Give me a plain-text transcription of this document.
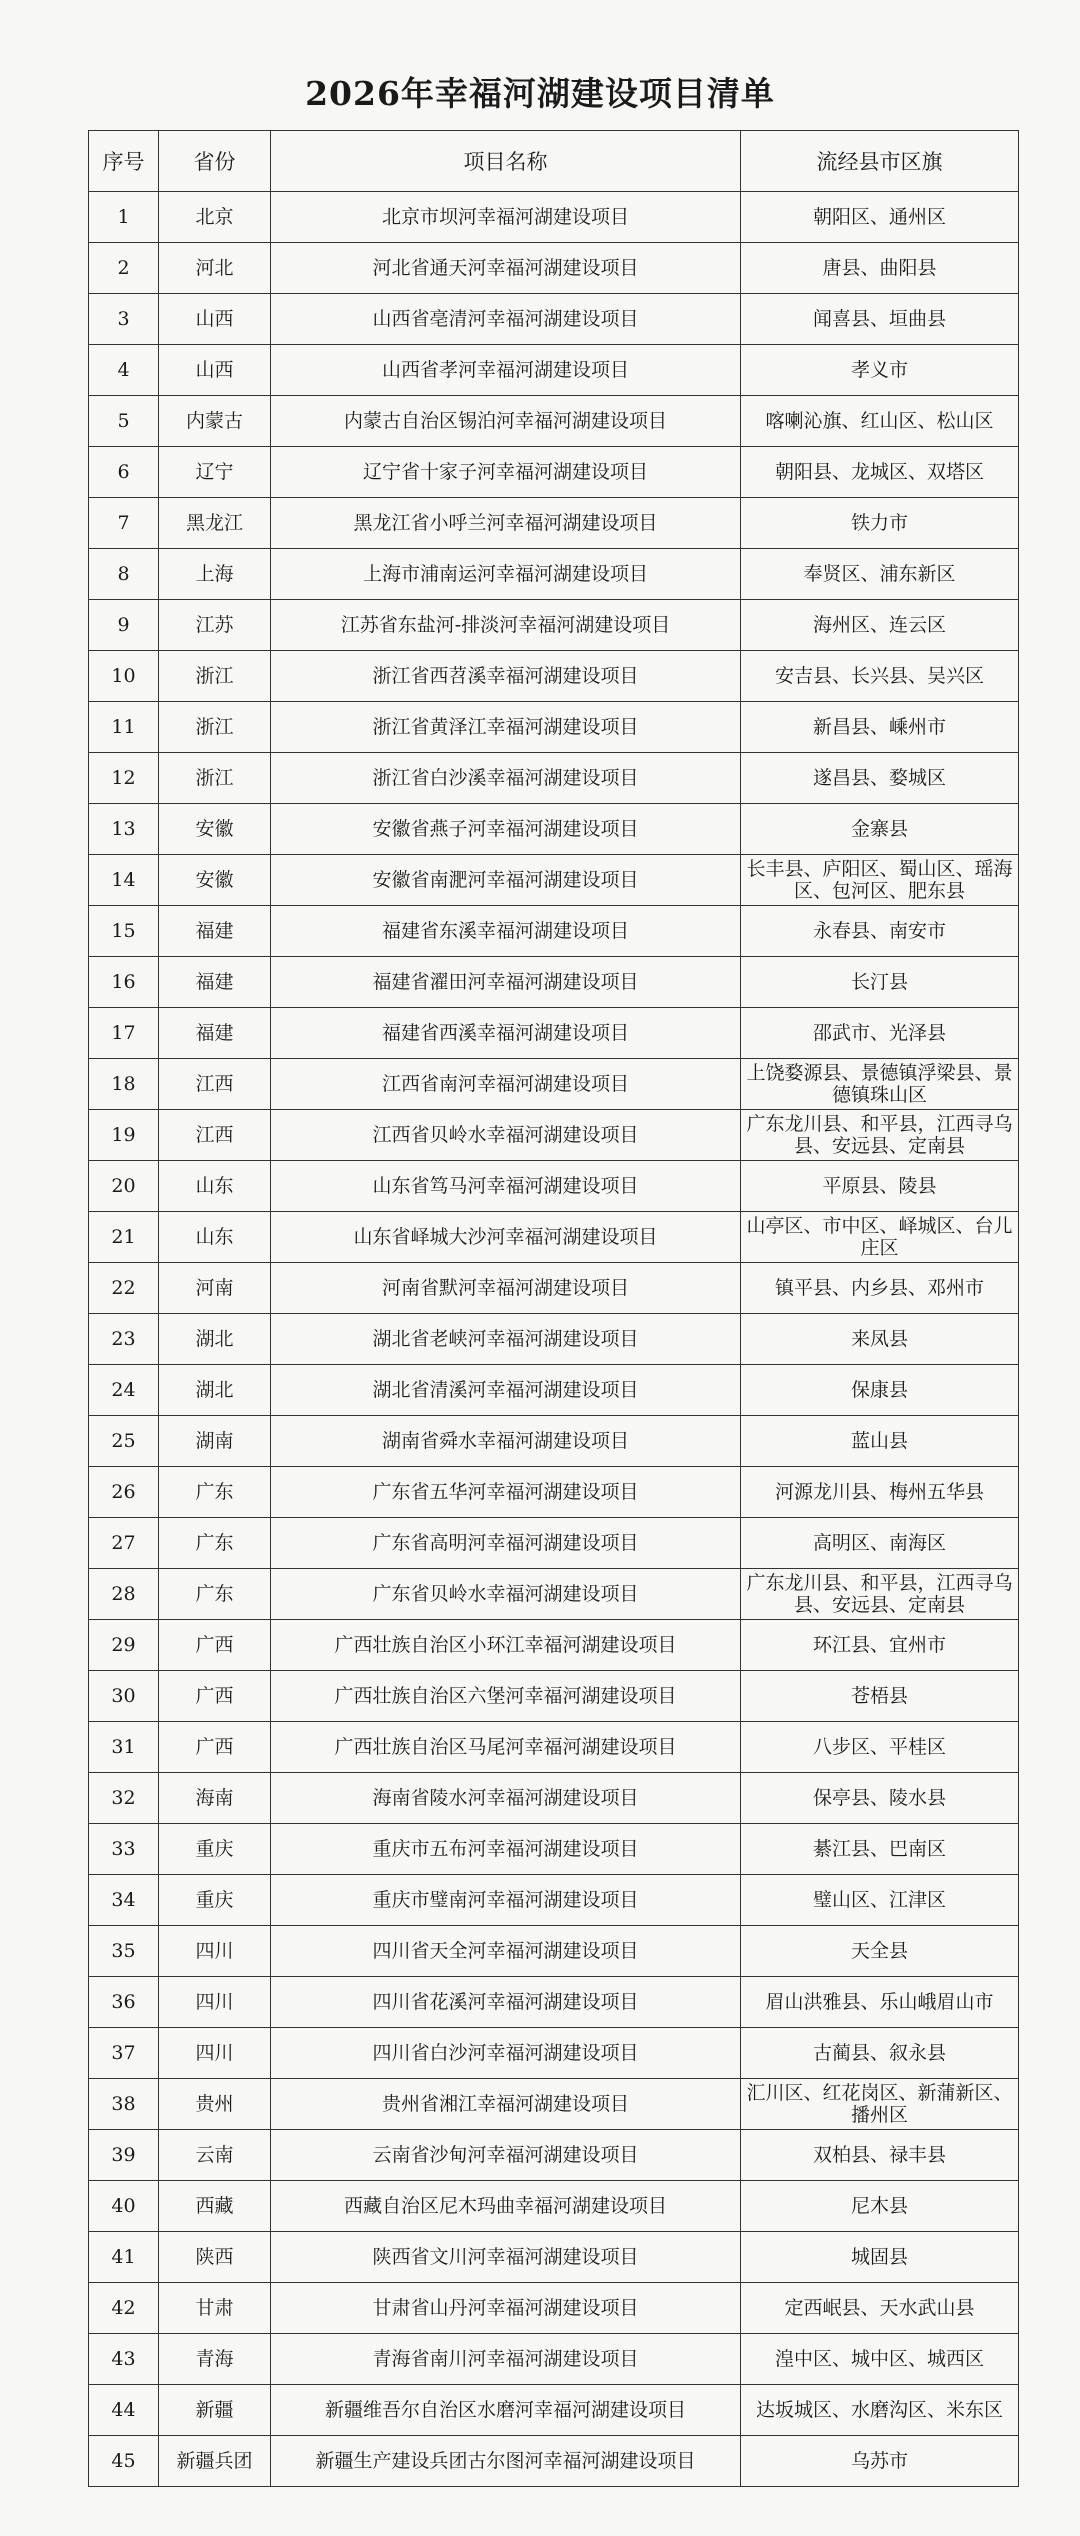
2026年幸福河湖建设项目清单
序号	省份	项目名称	流经县市区旗
1	北京	北京市坝河幸福河湖建设项目	朝阳区、通州区
2	河北	河北省通天河幸福河湖建设项目	唐县、曲阳县
3	山西	山西省亳清河幸福河湖建设项目	闻喜县、垣曲县
4	山西	山西省孝河幸福河湖建设项目	孝义市
5	内蒙古	内蒙古自治区锡泊河幸福河湖建设项目	喀喇沁旗、红山区、松山区
6	辽宁	辽宁省十家子河幸福河湖建设项目	朝阳县、龙城区、双塔区
7	黑龙江	黑龙江省小呼兰河幸福河湖建设项目	铁力市
8	上海	上海市浦南运河幸福河湖建设项目	奉贤区、浦东新区
9	江苏	江苏省东盐河-排淡河幸福河湖建设项目	海州区、连云区
10	浙江	浙江省西苕溪幸福河湖建设项目	安吉县、长兴县、吴兴区
11	浙江	浙江省黄泽江幸福河湖建设项目	新昌县、嵊州市
12	浙江	浙江省白沙溪幸福河湖建设项目	遂昌县、婺城区
13	安徽	安徽省燕子河幸福河湖建设项目	金寨县
14	安徽	安徽省南淝河幸福河湖建设项目	长丰县、庐阳区、蜀山区、瑶海区、包河区、肥东县
15	福建	福建省东溪幸福河湖建设项目	永春县、南安市
16	福建	福建省濯田河幸福河湖建设项目	长汀县
17	福建	福建省西溪幸福河湖建设项目	邵武市、光泽县
18	江西	江西省南河幸福河湖建设项目	上饶婺源县、景德镇浮梁县、景德镇珠山区
19	江西	江西省贝岭水幸福河湖建设项目	广东龙川县、和平县，江西寻乌县、安远县、定南县
20	山东	山东省笃马河幸福河湖建设项目	平原县、陵县
21	山东	山东省峄城大沙河幸福河湖建设项目	山亭区、市中区、峄城区、台儿庄区
22	河南	河南省默河幸福河湖建设项目	镇平县、内乡县、邓州市
23	湖北	湖北省老峡河幸福河湖建设项目	来凤县
24	湖北	湖北省清溪河幸福河湖建设项目	保康县
25	湖南	湖南省舜水幸福河湖建设项目	蓝山县
26	广东	广东省五华河幸福河湖建设项目	河源龙川县、梅州五华县
27	广东	广东省高明河幸福河湖建设项目	高明区、南海区
28	广东	广东省贝岭水幸福河湖建设项目	广东龙川县、和平县，江西寻乌县、安远县、定南县
29	广西	广西壮族自治区小环江幸福河湖建设项目	环江县、宜州市
30	广西	广西壮族自治区六堡河幸福河湖建设项目	苍梧县
31	广西	广西壮族自治区马尾河幸福河湖建设项目	八步区、平桂区
32	海南	海南省陵水河幸福河湖建设项目	保亭县、陵水县
33	重庆	重庆市五布河幸福河湖建设项目	綦江县、巴南区
34	重庆	重庆市璧南河幸福河湖建设项目	璧山区、江津区
35	四川	四川省天全河幸福河湖建设项目	天全县
36	四川	四川省花溪河幸福河湖建设项目	眉山洪雅县、乐山峨眉山市
37	四川	四川省白沙河幸福河湖建设项目	古蔺县、叙永县
38	贵州	贵州省湘江幸福河湖建设项目	汇川区、红花岗区、新蒲新区、播州区
39	云南	云南省沙甸河幸福河湖建设项目	双柏县、禄丰县
40	西藏	西藏自治区尼木玛曲幸福河湖建设项目	尼木县
41	陕西	陕西省文川河幸福河湖建设项目	城固县
42	甘肃	甘肃省山丹河幸福河湖建设项目	定西岷县、天水武山县
43	青海	青海省南川河幸福河湖建设项目	湟中区、城中区、城西区
44	新疆	新疆维吾尔自治区水磨河幸福河湖建设项目	达坂城区、水磨沟区、米东区
45	新疆兵团	新疆生产建设兵团古尔图河幸福河湖建设项目	乌苏市
